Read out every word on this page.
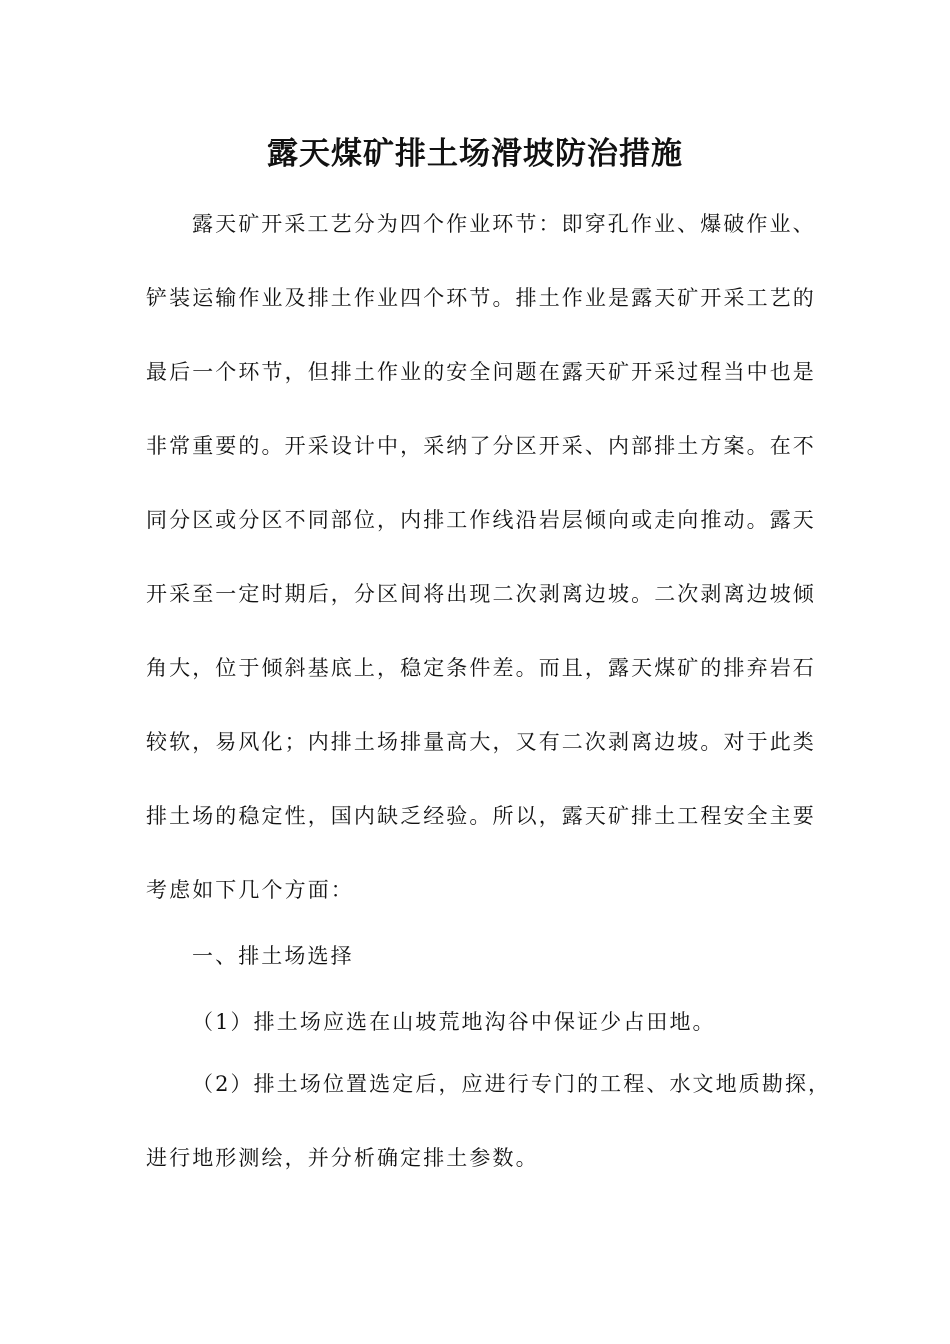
露天煤矿排土场滑坡防治措施
露天矿开采工艺分为四个作业环节：即穿孔作业、爆破作业、
铲装运输作业及排土作业四个环节。排土作业是露天矿开采工艺的
最后一个环节，但排土作业的安全问题在露天矿开采过程当中也是
非常重要的。开采设计中，采纳了分区开采、内部排土方案。在不
同分区或分区不同部位，内排工作线沿岩层倾向或走向推动。露天
开采至一定时期后，分区间将出现二次剥离边坡。二次剥离边坡倾
角大，位于倾斜基底上，稳定条件差。而且，露天煤矿的排弃岩石
较软，易风化；内排土场排量高大，又有二次剥离边坡。对于此类
排土场的稳定性，国内缺乏经验。所以，露天矿排土工程安全主要
考虑如下几个方面：
一、排土场选择
（1）排土场应选在山坡荒地沟谷中保证少占田地。
（2）排土场位置选定后，应进行专门的工程、水文地质勘探，
进行地形测绘，并分析确定排土参数。
